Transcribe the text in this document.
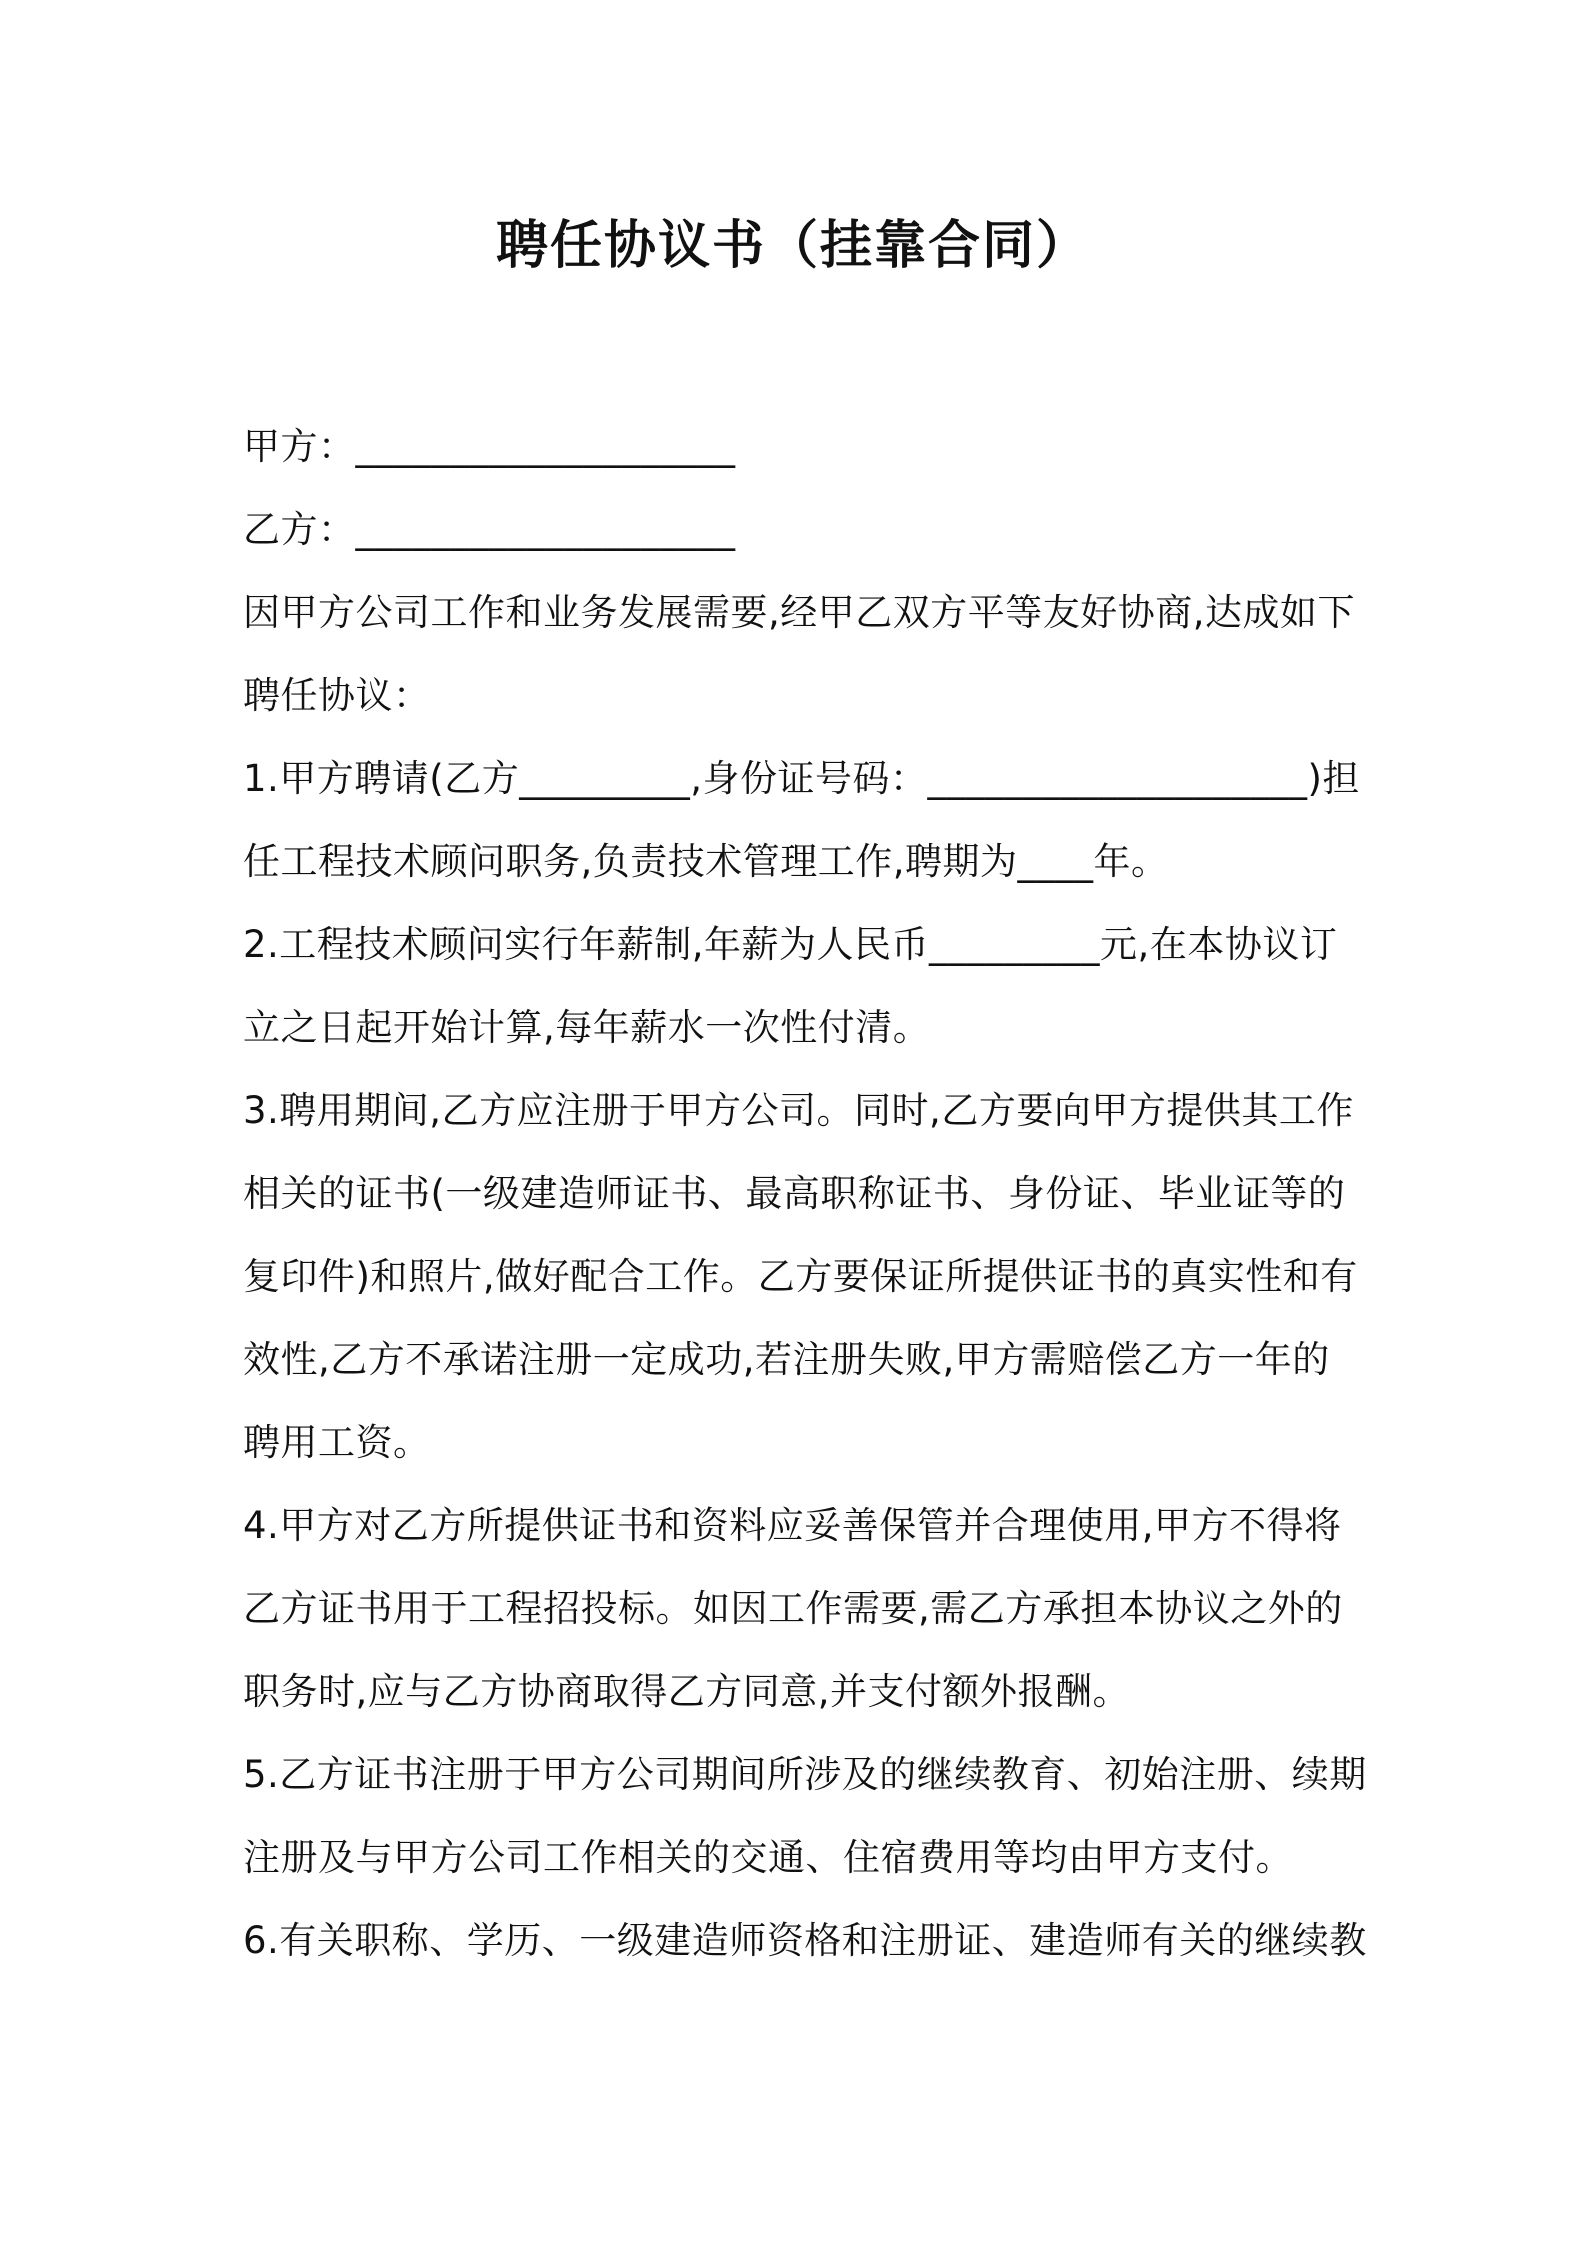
聘任协议书（挂靠合同）

甲方：____________________

乙方：____________________

因甲方公司工作和业务发展需要,经甲乙双方平等友好协商,达成如下

聘任协议：

1.甲方聘请(乙方_________,身份证号码：____________________)担

任工程技术顾问职务,负责技术管理工作,聘期为____年。

2.工程技术顾问实行年薪制,年薪为人民币_________元,在本协议订

立之日起开始计算,每年薪水一次性付清。

3.聘用期间,乙方应注册于甲方公司。同时,乙方要向甲方提供其工作

相关的证书(一级建造师证书、最高职称证书、身份证、毕业证等的

复印件)和照片,做好配合工作。乙方要保证所提供证书的真实性和有

效性,乙方不承诺注册一定成功,若注册失败,甲方需赔偿乙方一年的

聘用工资。

4.甲方对乙方所提供证书和资料应妥善保管并合理使用,甲方不得将

乙方证书用于工程招投标。如因工作需要,需乙方承担本协议之外的

职务时,应与乙方协商取得乙方同意,并支付额外报酬。

5.乙方证书注册于甲方公司期间所涉及的继续教育、初始注册、续期

注册及与甲方公司工作相关的交通、住宿费用等均由甲方支付。

6.有关职称、学历、一级建造师资格和注册证、建造师有关的继续教
